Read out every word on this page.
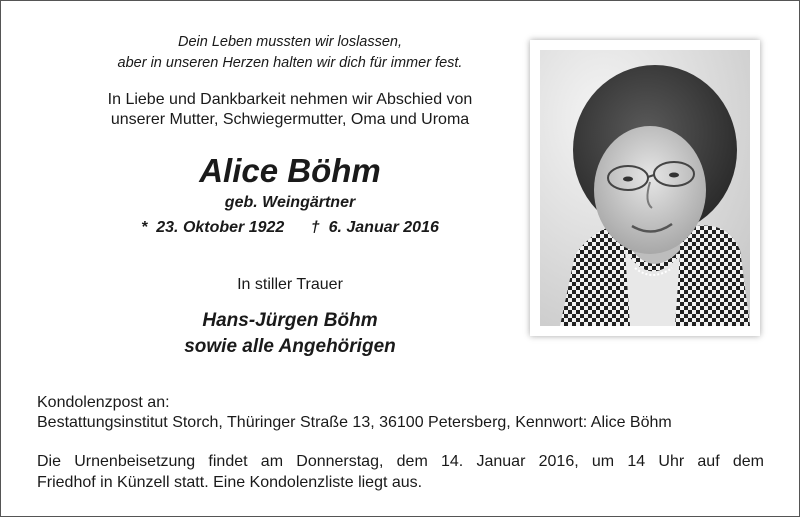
Dein Leben mussten wir loslassen,
aber in unseren Herzen halten wir dich für immer fest.
In Liebe und Dankbarkeit nehmen wir Abschied von
unserer Mutter, Schwiegermutter, Oma und Uroma
Alice Böhm
geb. Weingärtner
* 23. Oktober 1922 † 6. Januar 2016
In stiller Trauer
Hans-Jürgen Böhm
sowie alle Angehörigen
Kondolenzpost an:
Bestattungsinstitut Storch, Thüringer Straße 13, 36100 Petersberg, Kennwort: Alice Böhm
Die Urnenbeisetzung findet am Donnerstag, dem 14. Januar 2016, um 14 Uhr auf dem
Friedhof in Künzell statt. Eine Kondolenzliste liegt aus.
